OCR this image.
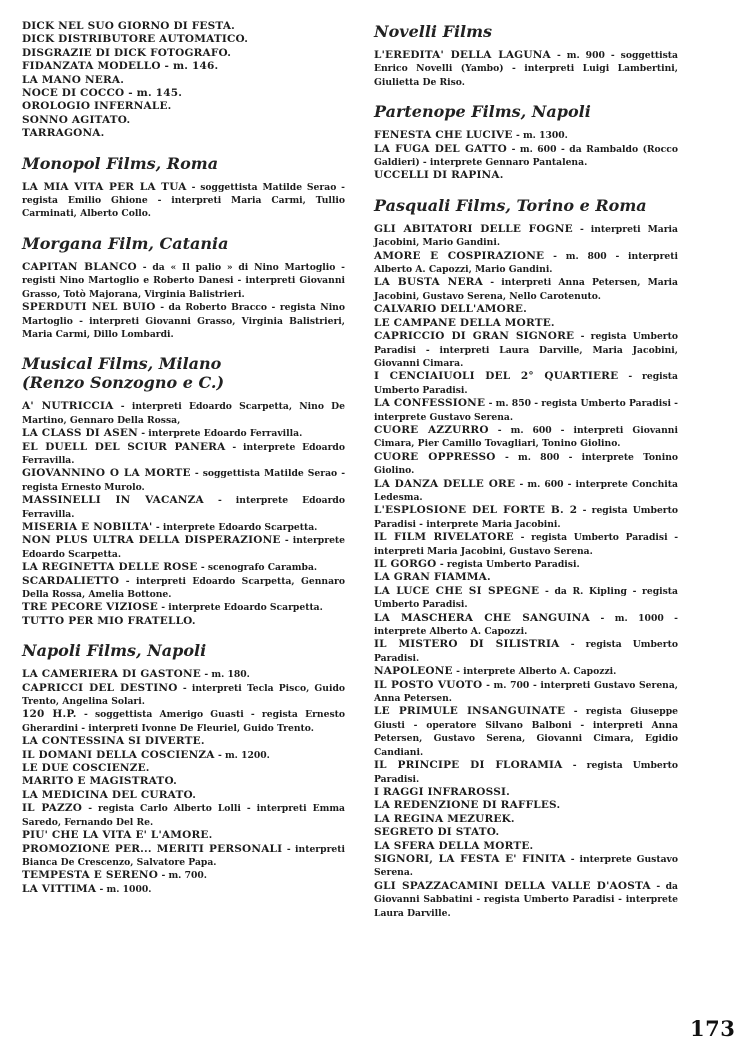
DICK NEL SUO GIORNO DI FESTA.

DICK DISTRIBUTORE AUTOMATICO.

DISGRAZIE DI DICK FOTOGRAFO.

FIDANZATA MODELLO - m. 146.

LA MANO NERA.

NOCE DI COCCO - m. 145.

OROLOGIO INFERNALE.

SONNO AGITATO.

TARRAGONA.

Monopol Films, Roma

LA MIA VITA PER LA TUA - soggettista Matilde Serao - regista Emilio Ghione - interpreti Maria Carmi, Tullio Carminati, Alberto Collo.

Morgana Film, Catania

CAPITAN BLANCO - da « Il palio » di Nino Martoglio - registi Nino Martoglio e Roberto Danesi - interpreti Giovanni Grasso, Totò Majorana, Virginia Balistrieri.

SPERDUTI NEL BUIO - da Roberto Bracco - regista Nino Martoglio - interpreti Giovanni Grasso, Virginia Balistrieri, Maria Carmi, Dillo Lombardi.

Musical Films, Milano
(Renzo Sonzogno e C.)

A' NUTRICCIA - interpreti Edoardo Scarpetta, Nino De Martino, Gennaro Della Rossa,

LA CLASS DI ASEN - interprete Edoardo Ferravilla.

EL DUELL DEL SCIUR PANERA - interprete Edoardo Ferravilla.

GIOVANNINO O LA MORTE - soggettista Matilde Serao - regista Ernesto Murolo.

MASSINELLI IN VACANZA - interprete Edoardo Ferravilla.

MISERIA E NOBILTA' - interprete Edoardo Scarpetta.

NON PLUS ULTRA DELLA DISPERAZIONE - interprete Edoardo Scarpetta.

LA REGINETTA DELLE ROSE - scenografo Caramba.

SCARDALIETTO - interpreti Edoardo Scarpetta, Gennaro Della Rossa, Amelia Bottone.

TRE PECORE VIZIOSE - interprete Edoardo Scarpetta.

TUTTO PER MIO FRATELLO.

Napoli Films, Napoli

LA CAMERIERA DI GASTONE - m. 180.

CAPRICCI DEL DESTINO - interpreti Tecla Pisco, Guido Trento, Angelina Solari.

120 H.P. - soggettista Amerigo Guasti - regista Ernesto Gherardini - interpreti Ivonne De Fleuriel, Guido Trento.

LA CONTESSINA SI DIVERTE.

IL DOMANI DELLA COSCIENZA - m. 1200.

LE DUE COSCIENZE.

MARITO E MAGISTRATO.

LA MEDICINA DEL CURATO.

IL PAZZO - regista Carlo Alberto Lolli - interpreti Emma Saredo, Fernando Del Re.

PIU' CHE LA VITA E' L'AMORE.

PROMOZIONE PER... MERITI PERSONALI - interpreti Bianca De Crescenzo, Salvatore Papa.

TEMPESTA E SERENO - m. 700.

LA VITTIMA - m. 1000.

Novelli Films

L'EREDITA' DELLA LAGUNA - m. 900 - soggettista Enrico Novelli (Yambo) - interpreti Luigi Lambertini, Giulietta De Riso.

Partenope Films, Napoli

FENESTA CHE LUCIVE - m. 1300.

LA FUGA DEL GATTO - m. 600 - da Rambaldo (Rocco Galdieri) - interprete Gennaro Pantalena.

UCCELLI DI RAPINA.

Pasquali Films, Torino e Roma

GLI ABITATORI DELLE FOGNE - interpreti Maria Jacobini, Mario Gandini.

AMORE E COSPIRAZIONE - m. 800 - interpreti Alberto A. Capozzi, Mario Gandini.

LA BUSTA NERA - interpreti Anna Petersen, Maria Jacobini, Gustavo Serena, Nello Carotenuto.

CALVARIO DELL'AMORE.

LE CAMPANE DELLA MORTE.

CAPRICCIO DI GRAN SIGNORE - regista Umberto Paradisi - interpreti Laura Darville, Maria Jacobini, Giovanni Cimara.

I CENCIAIUOLI DEL 2° QUARTIERE - regista Umberto Paradisi.

LA CONFESSIONE - m. 850 - regista Umberto Paradisi - interprete Gustavo Serena.

CUORE AZZURRO - m. 600 - interpreti Giovanni Cimara, Pier Camillo Tovagliari, Tonino Giolino.

CUORE OPPRESSO - m. 800 - interprete Tonino Giolino.

LA DANZA DELLE ORE - m. 600 - interprete Conchita Ledesma.

L'ESPLOSIONE DEL FORTE B. 2 - regista Umberto Paradisi - interprete Maria Jacobini.

IL FILM RIVELATORE - regista Umberto Paradisi - interpreti Maria Jacobini, Gustavo Serena.

IL GORGO - regista Umberto Paradisi.

LA GRAN FIAMMA.

LA LUCE CHE SI SPEGNE - da R. Kipling - regista Umberto Paradisi.

LA MASCHERA CHE SANGUINA - m. 1000 - interprete Alberto A. Capozzi.

IL MISTERO DI SILISTRIA - regista Umberto Paradisi.

NAPOLEONE - interprete Alberto A. Capozzi.

IL POSTO VUOTO - m. 700 - interpreti Gustavo Serena, Anna Petersen.

LE PRIMULE INSANGUINATE - regista Giuseppe Giusti - operatore Silvano Balboni - interpreti Anna Petersen, Gustavo Serena, Giovanni Cimara, Egidio Candiani.

IL PRINCIPE DI FLORAMIA - regista Umberto Paradisi.

I RAGGI INFRAROSSI.

LA REDENZIONE DI RAFFLES.

LA REGINA MEZUREK.

SEGRETO DI STATO.

LA SFERA DELLA MORTE.

SIGNORI, LA FESTA E' FINITA - interprete Gustavo Serena.

GLI SPAZZACAMINI DELLA VALLE D'AOSTA - da Giovanni Sabbatini - regista Umberto Paradisi - interprete Laura Darville.

173
